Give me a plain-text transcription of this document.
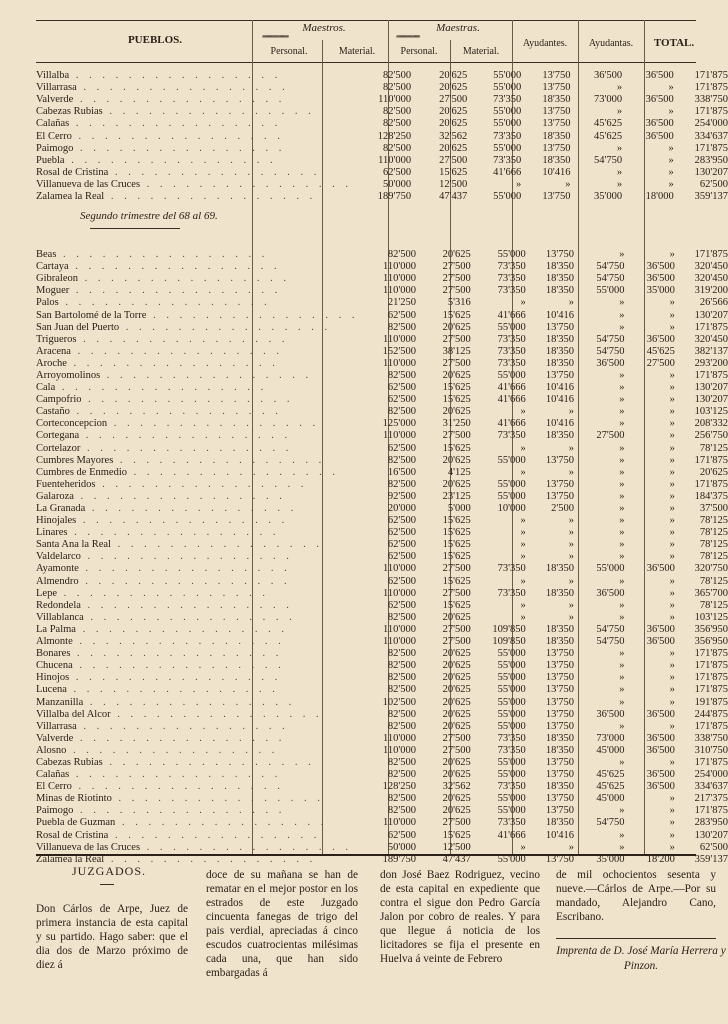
PUEBLOS.
Maestros.
ªªªªªªªªªªªªªªªªªªªªªªªªªªªª
Personal.	Material.
Maestras.
ªªªªªªªªªªªªªªªªªªªªªªªªª
Personal.	Material.
Ayudantes.	Ayudantas.	TOTAL.
Villalba . . . . . . . . . . . . . . . .	82'500	20'625	55'000	13'750	36'500	36'500	171'875
Villarrasa . . . . . . . . . . . . . . . .	82'500	20'625	55'000	13'750	»	»	171'875
Valverde . . . . . . . . . . . . . . . .	110'000	27'500	73'350	18'350	73'000	36'500	338'750
Cabezas Rubias . . . . . . . . . . . . . . . .	82'500	20'625	55'000	13'750	»	»	171'875
Calañas . . . . . . . . . . . . . . . .	82'500	20'625	55'000	13'750	45'625	36'500	254'000
El Cerro . . . . . . . . . . . . . . . .	128'250	32'562	73'350	18'350	45'625	36'500	334'637
Paimogo . . . . . . . . . . . . . . . .	82'500	20'625	55'000	13'750	»	»	171'875
Puebla . . . . . . . . . . . . . . . .	110'000	27'500	73'350	18'350	54'750	»	283'950
Rosal de Cristina . . . . . . . . . . . . . . . .	62'500	15'625	41'666	10'416	»	»	130'207
Villanueva de las Cruces . . . . . . . . . . . . . . . .	50'000	12'500	»	»	»	»	62'500
Zalamea la Real . . . . . . . . . . . . . . . .	189'750	47'437	55'000	13'750	35'000	18'000	359'137
Segundo trimestre del 68 al 69.
Beas . . . . . . . . . . . . . . . .	82'500	20'625	55'000	13'750	»	»	171'875
Cartaya . . . . . . . . . . . . . . . .	110'000	27'500	73'350	18'350	54'750	36'500	320'450
Gibraleon . . . . . . . . . . . . . . . .	110'000	27'500	73'350	18'350	54'750	36'500	320'450
Moguer . . . . . . . . . . . . . . . .	110'000	27'500	73'350	18'350	55'000	35'000	319'200
Palos . . . . . . . . . . . . . . . .	21'250	5'316	»	»	»	»	26'566
San Bartolomé de la Torre . . . . . . . . . . . . . . . .	62'500	15'625	41'666	10'416	»	»	130'207
San Juan del Puerto . . . . . . . . . . . . . . . .	82'500	20'625	55'000	13'750	»	»	171'875
Trigueros . . . . . . . . . . . . . . . .	110'000	27'500	73'350	18'350	54'750	36'500	320'450
Aracena . . . . . . . . . . . . . . . .	152'500	38'125	73'350	18'350	54'750	45'625	382'137
Aroche . . . . . . . . . . . . . . . .	110'000	27'500	73'350	18'350	36'500	27'500	293'200
Arroyomolinos . . . . . . . . . . . . . . . .	82'500	20'625	55'000	13'750	»	»	171'875
Cala . . . . . . . . . . . . . . . .	62'500	15'625	41'666	10'416	»	»	130'207
Campofrio . . . . . . . . . . . . . . . .	62'500	15'625	41'666	10'416	»	»	130'207
Castaño . . . . . . . . . . . . . . . .	82'500	20'625	»	»	»	»	103'125
Corteconcepcion . . . . . . . . . . . . . . . .	125'000	31'250	41'666	10'416	»	»	208'332
Cortegana . . . . . . . . . . . . . . . .	110'000	27'500	73'350	18'350	27'500	»	256'750
Cortelazor . . . . . . . . . . . . . . . .	62'500	15'625	»	»	»	»	78'125
Cumbres Mayores . . . . . . . . . . . . . . . .	82'500	20'625	55'000	13'750	»	»	171'875
Cumbres de Enmedio . . . . . . . . . . . . . . . .	16'500	4'125	»	»	»	»	20'625
Fuenteheridos . . . . . . . . . . . . . . . .	82'500	20'625	55'000	13'750	»	»	171'875
Galaroza . . . . . . . . . . . . . . . .	92'500	23'125	55'000	13'750	»	»	184'375
La Granada . . . . . . . . . . . . . . . .	20'000	5'000	10'000	2'500	»	»	37'500
Hinojales . . . . . . . . . . . . . . . .	62'500	15'625	»	»	»	»	78'125
Linares . . . . . . . . . . . . . . . .	62'500	15'625	»	»	»	»	78'125
Santa Ana la Real . . . . . . . . . . . . . . . .	62'500	15'625	»	»	»	»	78'125
Valdelarco . . . . . . . . . . . . . . . .	62'500	15'625	»	»	»	»	78'125
Ayamonte . . . . . . . . . . . . . . . .	110'000	27'500	73'350	18'350	55'000	36'500	320'750
Almendro . . . . . . . . . . . . . . . .	62'500	15'625	»	»	»	»	78'125
Lepe . . . . . . . . . . . . . . . .	110'000	27'500	73'350	18'350	36'500	»	365'700
Redondela . . . . . . . . . . . . . . . .	62'500	15'625	»	»	»	»	78'125
Villablanca . . . . . . . . . . . . . . . .	82'500	20'625	»	»	»	»	103'125
La Palma . . . . . . . . . . . . . . . .	110'000	27'500	109'850	18'350	54'750	36'500	356'950
Almonte . . . . . . . . . . . . . . . .	110'000	27'500	109'850	18'350	54'750	36'500	356'950
Bonares . . . . . . . . . . . . . . . .	82'500	20'625	55'000	13'750	»	»	171'875
Chucena . . . . . . . . . . . . . . . .	82'500	20'625	55'000	13'750	»	»	171'875
Hinojos . . . . . . . . . . . . . . . .	82'500	20'625	55'000	13'750	»	»	171'875
Lucena . . . . . . . . . . . . . . . .	82'500	20'625	55'000	13'750	»	»	171'875
Manzanilla . . . . . . . . . . . . . . . .	102'500	20'625	55'000	13'750	»	»	191'875
Villalba del Alcor . . . . . . . . . . . . . . . .	82'500	20'625	55'000	13'750	36'500	36'500	244'875
Villarrasa . . . . . . . . . . . . . . . .	82'500	20'625	55'000	13'750	»	»	171'875
Valverde . . . . . . . . . . . . . . . .	110'000	27'500	73'350	18'350	73'000	36'500	338'750
Alosno . . . . . . . . . . . . . . . .	110'000	27'500	73'350	18'350	45'000	36'500	310'750
Cabezas Rubias . . . . . . . . . . . . . . . .	82'500	20'625	55'000	13'750	»	»	171'875
Calañas . . . . . . . . . . . . . . . .	82'500	20'625	55'000	13'750	45'625	36'500	254'000
El Cerro . . . . . . . . . . . . . . . .	128'250	32'562	73'350	18'350	45'625	36'500	334'637
Minas de Riotinto . . . . . . . . . . . . . . . .	82'500	20'625	55'000	13'750	45'000	»	217'375
Paimogo . . . . . . . . . . . . . . . .	82'500	20'625	55'000	13'750	»	»	171'875
Puebla de Guzman . . . . . . . . . . . . . . . .	110'000	27'500	73'350	18'350	54'750	»	283'950
Rosal de Cristina . . . . . . . . . . . . . . . .	62'500	15'625	41'666	10'416	»	»	130'207
Villanueva de las Cruces . . . . . . . . . . . . . . . .	50'000	12'500	»	»	»	»	62'500
Zalamea la Real . . . . . . . . . . . . . . . .	189'750	47'437	55'000	13'750	35'000	18'200	359'137
JUZGADOS.

Don Cárlos de Arpe, Juez de primera instancia de esta capital y su partido. Hago saber: que el dia dos de Marzo próximo de diez á

doce de su mañana se han de rematar en el mejor postor en los estrados de este Juzgado cincuenta fanegas de trigo del pais verdial, apreciadas á cinco escudos cuatrocientas milésimas cada una, que han sido embargadas á

don José Baez Rodriguez, vecino de esta capital en expediente que contra el sigue don Pedro García Jalon por cobro de reales. Y para que llegue á noticia de los licitadores se fija el presente en Huelva á veinte de Febrero

de mil ochocientos sesenta y nueve.—Cárlos de Arpe.—Por su mandado, Alejandro Cano, Escribano.

Imprenta de D. José María Herrera y Pinzon.
